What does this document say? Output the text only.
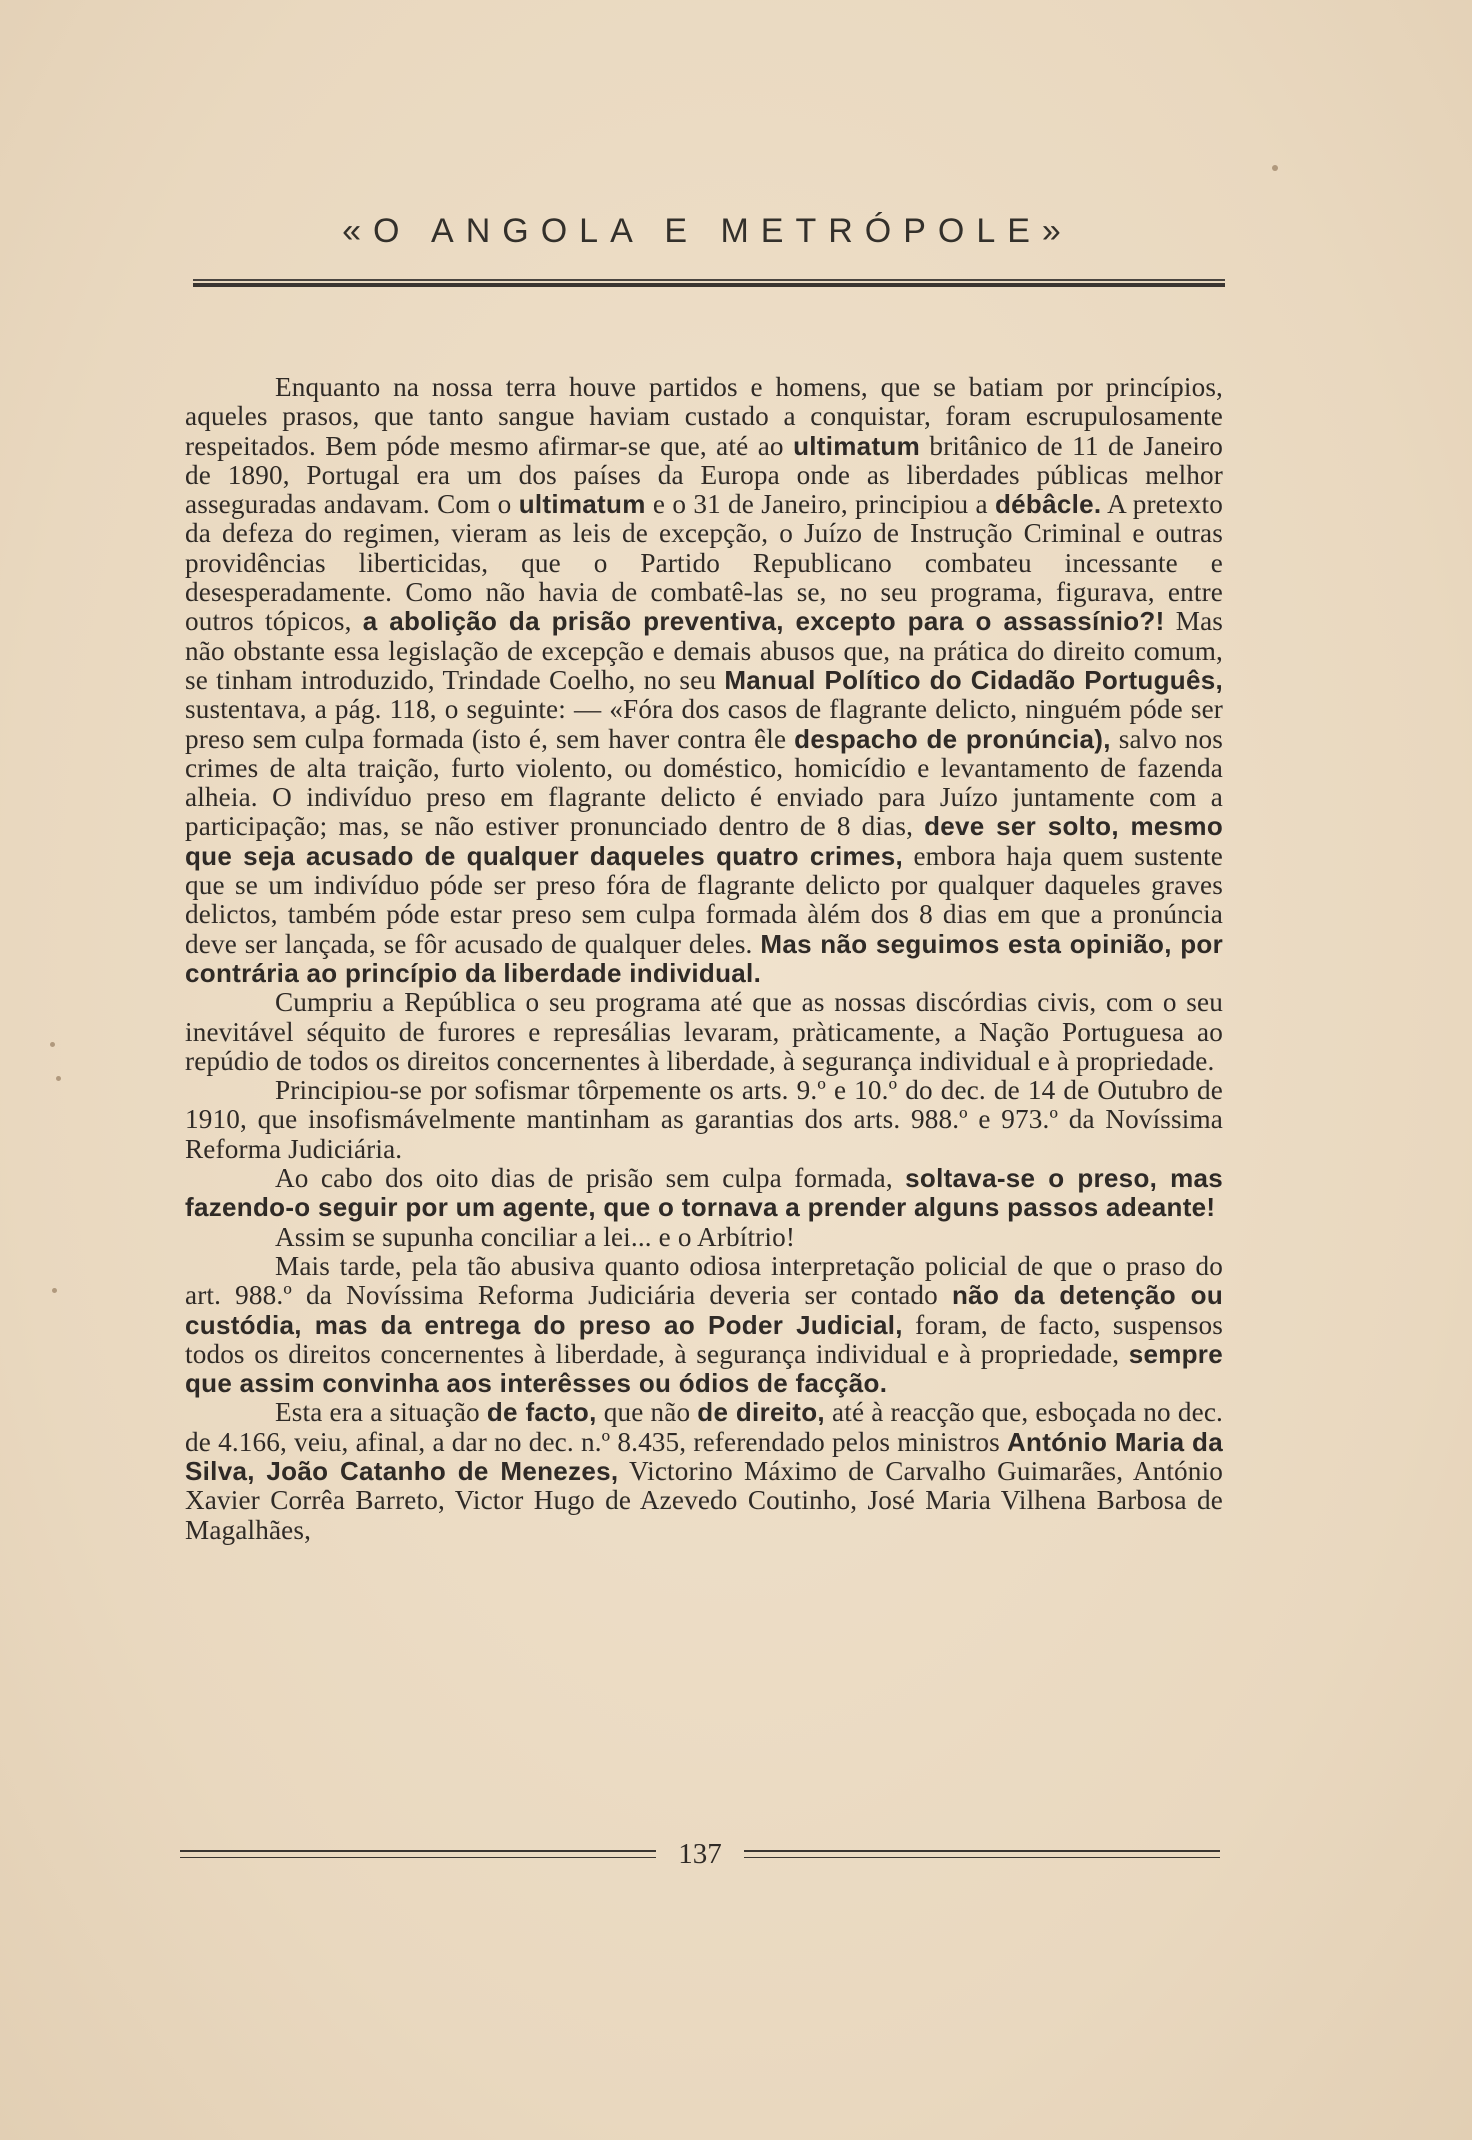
«O ANGOLA E METRÓPOLE»

Enquanto na nossa terra houve partidos e homens, que se batiam por princípios, aqueles prasos, que tanto sangue haviam custado a conquistar, foram escrupulosamente respeitados. Bem póde mesmo afirmar-se que, até ao ultimatum britânico de 11 de Janeiro de 1890, Portugal era um dos países da Europa onde as liberdades públicas melhor asseguradas andavam. Com o ultimatum e o 31 de Janeiro, principiou a débâcle. A pretexto da defeza do regimen, vieram as leis de excepção, o Juízo de Instrução Criminal e outras providências liberticidas, que o Partido Republicano combateu incessante e desesperadamente. Como não havia de combatê-las se, no seu programa, figurava, entre outros tópicos, a abolição da prisão preventiva, excepto para o assassínio?! Mas não obstante essa legislação de excepção e demais abusos que, na prática do direito comum, se tinham introduzido, Trindade Coelho, no seu Manual Político do Cidadão Português, sustentava, a pág. 118, o seguinte: — «Fóra dos casos de flagrante delicto, ninguém póde ser preso sem culpa formada (isto é, sem haver contra êle despacho de pronúncia), salvo nos crimes de alta traição, furto violento, ou doméstico, homicídio e levantamento de fazenda alheia. O indivíduo preso em flagrante delicto é enviado para Juízo juntamente com a participação; mas, se não estiver pronunciado dentro de 8 dias, deve ser solto, mesmo que seja acusado de qualquer daqueles quatro crimes, embora haja quem sustente que se um indivíduo póde ser preso fóra de flagrante delicto por qualquer daqueles graves delictos, também póde estar preso sem culpa formada àlém dos 8 dias em que a pronúncia deve ser lançada, se fôr acusado de qualquer deles. Mas não seguimos esta opinião, por contrária ao princípio da liberdade individual.

Cumpriu a República o seu programa até que as nossas discórdias civis, com o seu inevitável séquito de furores e represálias levaram, pràticamente, a Nação Portuguesa ao repúdio de todos os direitos concernentes à liberdade, à segurança individual e à propriedade.

Principiou-se por sofismar tôrpemente os arts. 9.º e 10.º do dec. de 14 de Outubro de 1910, que insofismávelmente mantinham as garantias dos arts. 988.º e 973.º da Novíssima Reforma Judiciária.

Ao cabo dos oito dias de prisão sem culpa formada, soltava-se o preso, mas fazendo-o seguir por um agente, que o tornava a prender alguns passos adeante!

Assim se supunha conciliar a lei... e o Arbítrio!

Mais tarde, pela tão abusiva quanto odiosa interpretação policial de que o praso do art. 988.º da Novíssima Reforma Judiciária deveria ser contado não da detenção ou custódia, mas da entrega do preso ao Poder Judicial, foram, de facto, suspensos todos os direitos concernentes à liberdade, à segurança individual e à propriedade, sempre que assim convinha aos interêsses ou ódios de facção.

Esta era a situação de facto, que não de direito, até à reacção que, esboçada no dec. de 4.166, veiu, afinal, a dar no dec. n.º 8.435, referendado pelos ministros António Maria da Silva, João Catanho de Menezes, Victorino Máximo de Carvalho Guimarães, António Xavier Corrêa Barreto, Victor Hugo de Azevedo Coutinho, José Maria Vilhena Barbosa de Magalhães,

137
